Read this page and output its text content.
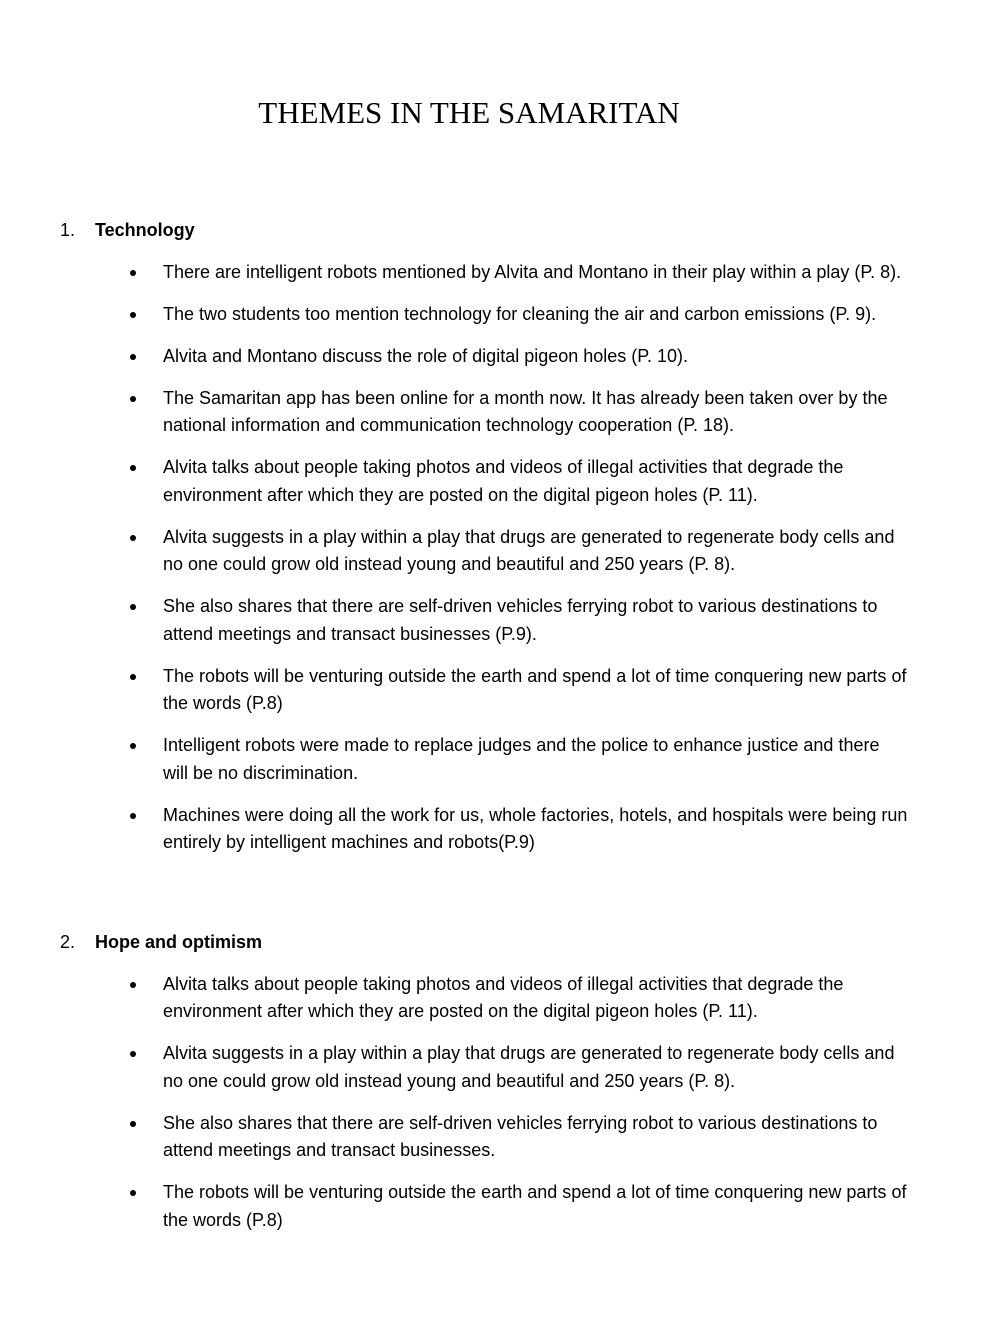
THEMES IN THE SAMARITAN
1. Technology
There are intelligent robots mentioned by Alvita and Montano in their play within a play (P. 8).
The two students too mention technology for cleaning the air and carbon emissions (P. 9).
Alvita and Montano discuss the role of digital pigeon holes (P. 10).
The Samaritan app has been online for a month now. It has already been taken over by the national information and communication technology cooperation (P. 18).
Alvita talks about people taking photos and videos of illegal activities that degrade the environment after which they are posted on the digital pigeon holes (P. 11).
Alvita suggests in a play within a play that drugs are generated to regenerate body cells and no one could grow old instead young and beautiful and 250 years (P. 8).
She also shares that there are self-driven vehicles ferrying robot to various destinations to attend meetings and transact businesses (P.9).
The robots will be venturing outside the earth and spend a lot of time conquering new parts of the words (P.8)
Intelligent robots were made to replace judges and the police to enhance justice and there will be no discrimination.
Machines were doing all the work for us, whole factories, hotels, and hospitals were being run entirely by intelligent machines and robots(P.9)
2. Hope and optimism
Alvita talks about people taking photos and videos of illegal activities that degrade the environment after which they are posted on the digital pigeon holes (P. 11).
Alvita suggests in a play within a play that drugs are generated to regenerate body cells and no one could grow old instead young and beautiful and 250 years (P. 8).
She also shares that there are self-driven vehicles ferrying robot to various destinations to attend meetings and transact businesses.
The robots will be venturing outside the earth and spend a lot of time conquering new parts of the words (P.8)
